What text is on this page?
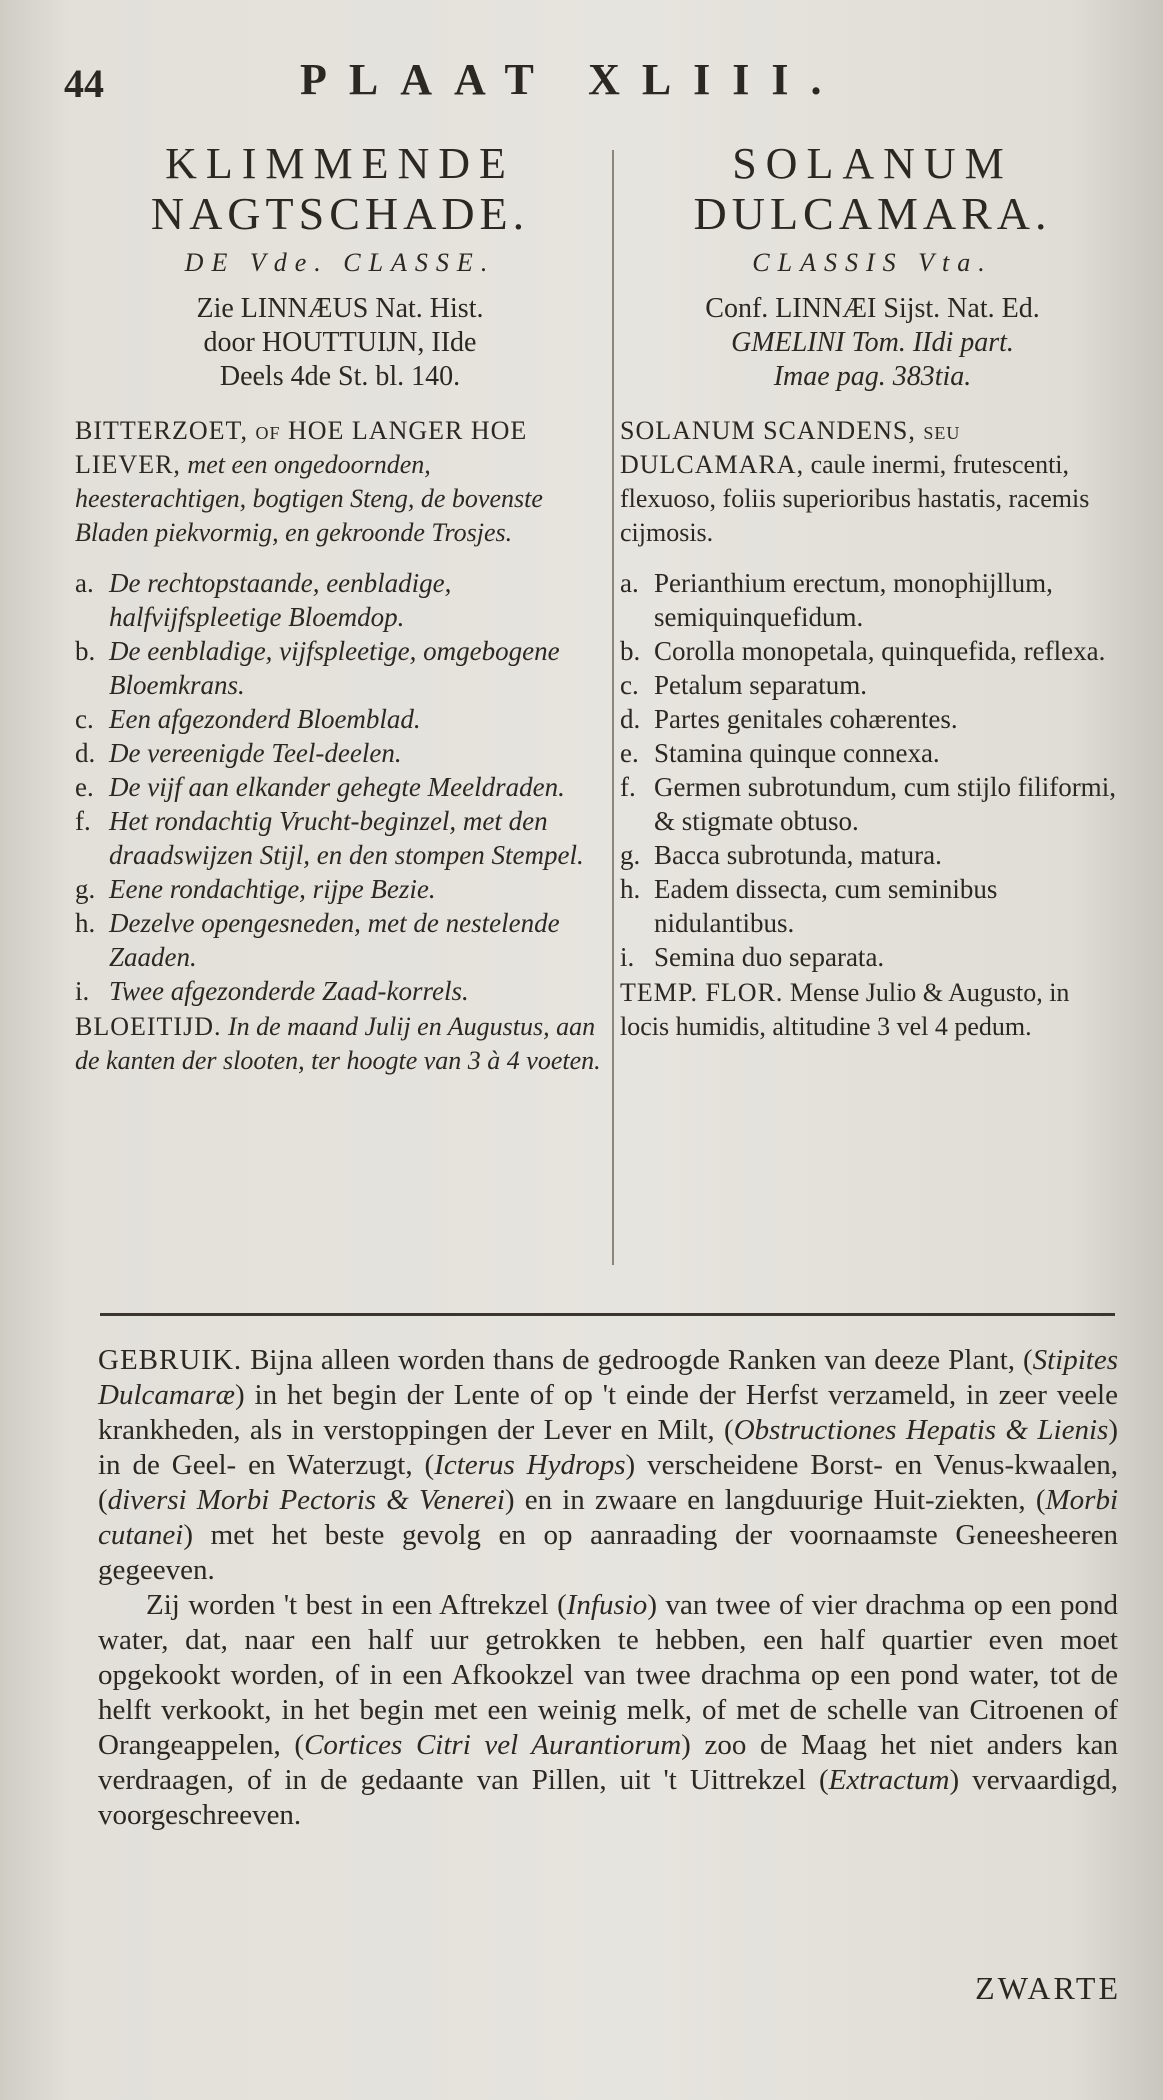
44	PLAAT XLIII.
KLIMMENDE
NAGTSCHADE.
DE Vde. CLASSE.
Zie LINNÆUS Nat. Hist.
door HOUTTUIJN, IIde
Deels 4de St. bl. 140.
BITTERZOET, of HOE LANGER HOE LIEVER, met een ongedoornden, heesterachtigen, bogtigen Steng, de bovenste Bladen piekvormig, en gekroonde Trosjes.
a. De rechtopstaande, eenbladige, halfvijfspleetige Bloemdop.
b. De eenbladige, vijfspleetige, omgebogene Bloemkrans.
c. Een afgezonderd Bloemblad.
d. De vereenigde Teel-deelen.
e. De vijf aan elkander gehegte Meeldraden.
f. Het rondachtig Vrucht-beginzel, met den draadswijzen Stijl, en den stompen Stempel.
g. Eene rondachtige, rijpe Bezie.
h. Dezelve opengesneden, met de nestelende Zaaden.
i. Twee afgezonderde Zaad-korrels.
BLOEITIJD. In de maand Julij en Augustus, aan de kanten der slooten, ter hoogte van 3 à 4 voeten.
SOLANUM
DULCAMARA.
CLASSIS Vta.
Conf. LINNÆI Sijst. Nat. Ed.
GMELINI Tom. IIdi part.
Imae pag. 383tia.
SOLANUM SCANDENS, seu DULCAMARA, caule inermi, frutescenti, flexuoso, foliis superioribus hastatis, racemis cijmosis.
a. Perianthium erectum, monophijllum, semiquinquefidum.
b. Corolla monopetala, quinquefida, reflexa.
c. Petalum separatum.
d. Partes genitales cohærentes.
e. Stamina quinque connexa.
f. Germen subrotundum, cum stijlo filiformi, & stigmate obtuso.
g. Bacca subrotunda, matura.
h. Eadem dissecta, cum seminibus nidulantibus.
i. Semina duo separata.
TEMP. FLOR. Mense Julio & Augusto, in locis humidis, altitudine 3 vel 4 pedum.

GEBRUIK. Bijna alleen worden thans de gedroogde Ranken van deeze Plant, (Stipites Dulcamaræ) in het begin der Lente of op 't einde der Herfst verzameld, in zeer veele krankheden, als in verstoppingen der Lever en Milt, (Obstructiones Hepatis & Lienis) in de Geel- en Waterzugt, (Icterus Hydrops) verscheidene Borst- en Venus-kwaalen, (diversi Morbi Pectoris & Venerei) en in zwaare en langduurige Huit-ziekten, (Morbi cutanei) met het beste gevolg en op aanraading der voornaamste Geneesheeren gegeeven.

Zij worden 't best in een Aftrekzel (Infusio) van twee of vier drachma op een pond water, dat, naar een half uur getrokken te hebben, een half quartier even moet opgekookt worden, of in een Afkookzel van twee drachma op een pond water, tot de helft verkookt, in het begin met een weinig melk, of met de schelle van Citroenen of Orangeappelen, (Cortices Citri vel Aurantiorum) zoo de Maag het niet anders kan verdraagen, of in de gedaante van Pillen, uit 't Uittrekzel (Extractum) vervaardigd, voorgeschreeven.

ZWARTE
